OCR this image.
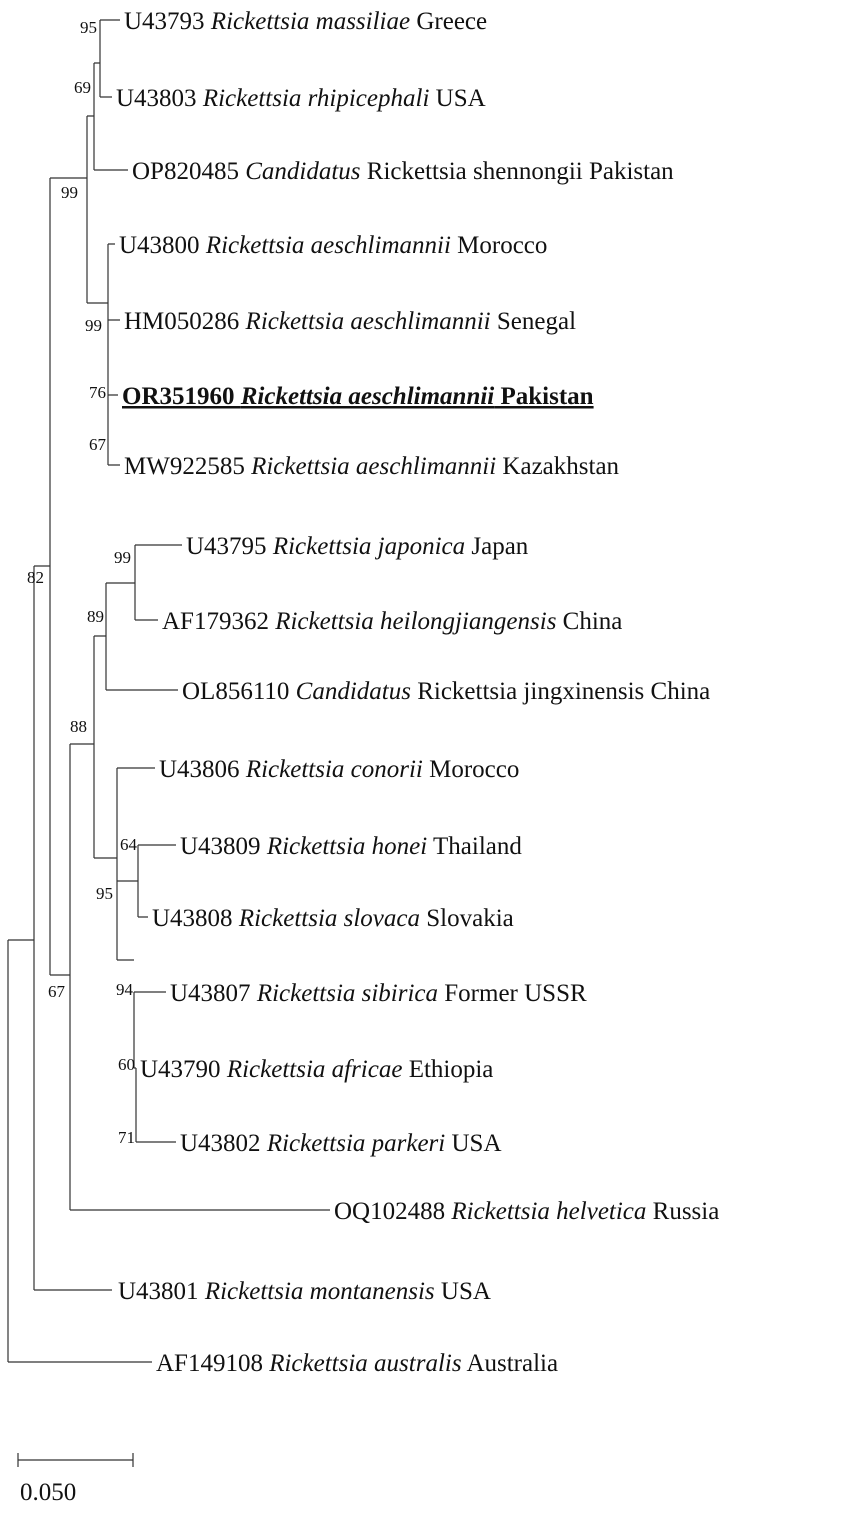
U43793 Rickettsia massiliae Greece
U43803 Rickettsia rhipicephali USA
OP820485 Candidatus Rickettsia shennongii Pakistan
U43800 Rickettsia aeschlimannii Morocco
HM050286 Rickettsia aeschlimannii Senegal
OR351960 Rickettsia aeschlimannii Pakistan
MW922585 Rickettsia aeschlimannii Kazakhstan
U43795 Rickettsia japonica Japan
AF179362 Rickettsia heilongjiangensis China
OL856110 Candidatus Rickettsia jingxinensis China
U43806 Rickettsia conorii Morocco
U43809 Rickettsia honei Thailand
U43808 Rickettsia slovaca Slovakia
U43807 Rickettsia sibirica Former USSR
U43790 Rickettsia africae Ethiopia
U43802 Rickettsia parkeri USA
OQ102488 Rickettsia helvetica Russia
U43801 Rickettsia montanensis USA
AF149108 Rickettsia australis Australia
95
69
99
99
76
67
99
89
88
82
64
95
94
60
71
67
0.050
